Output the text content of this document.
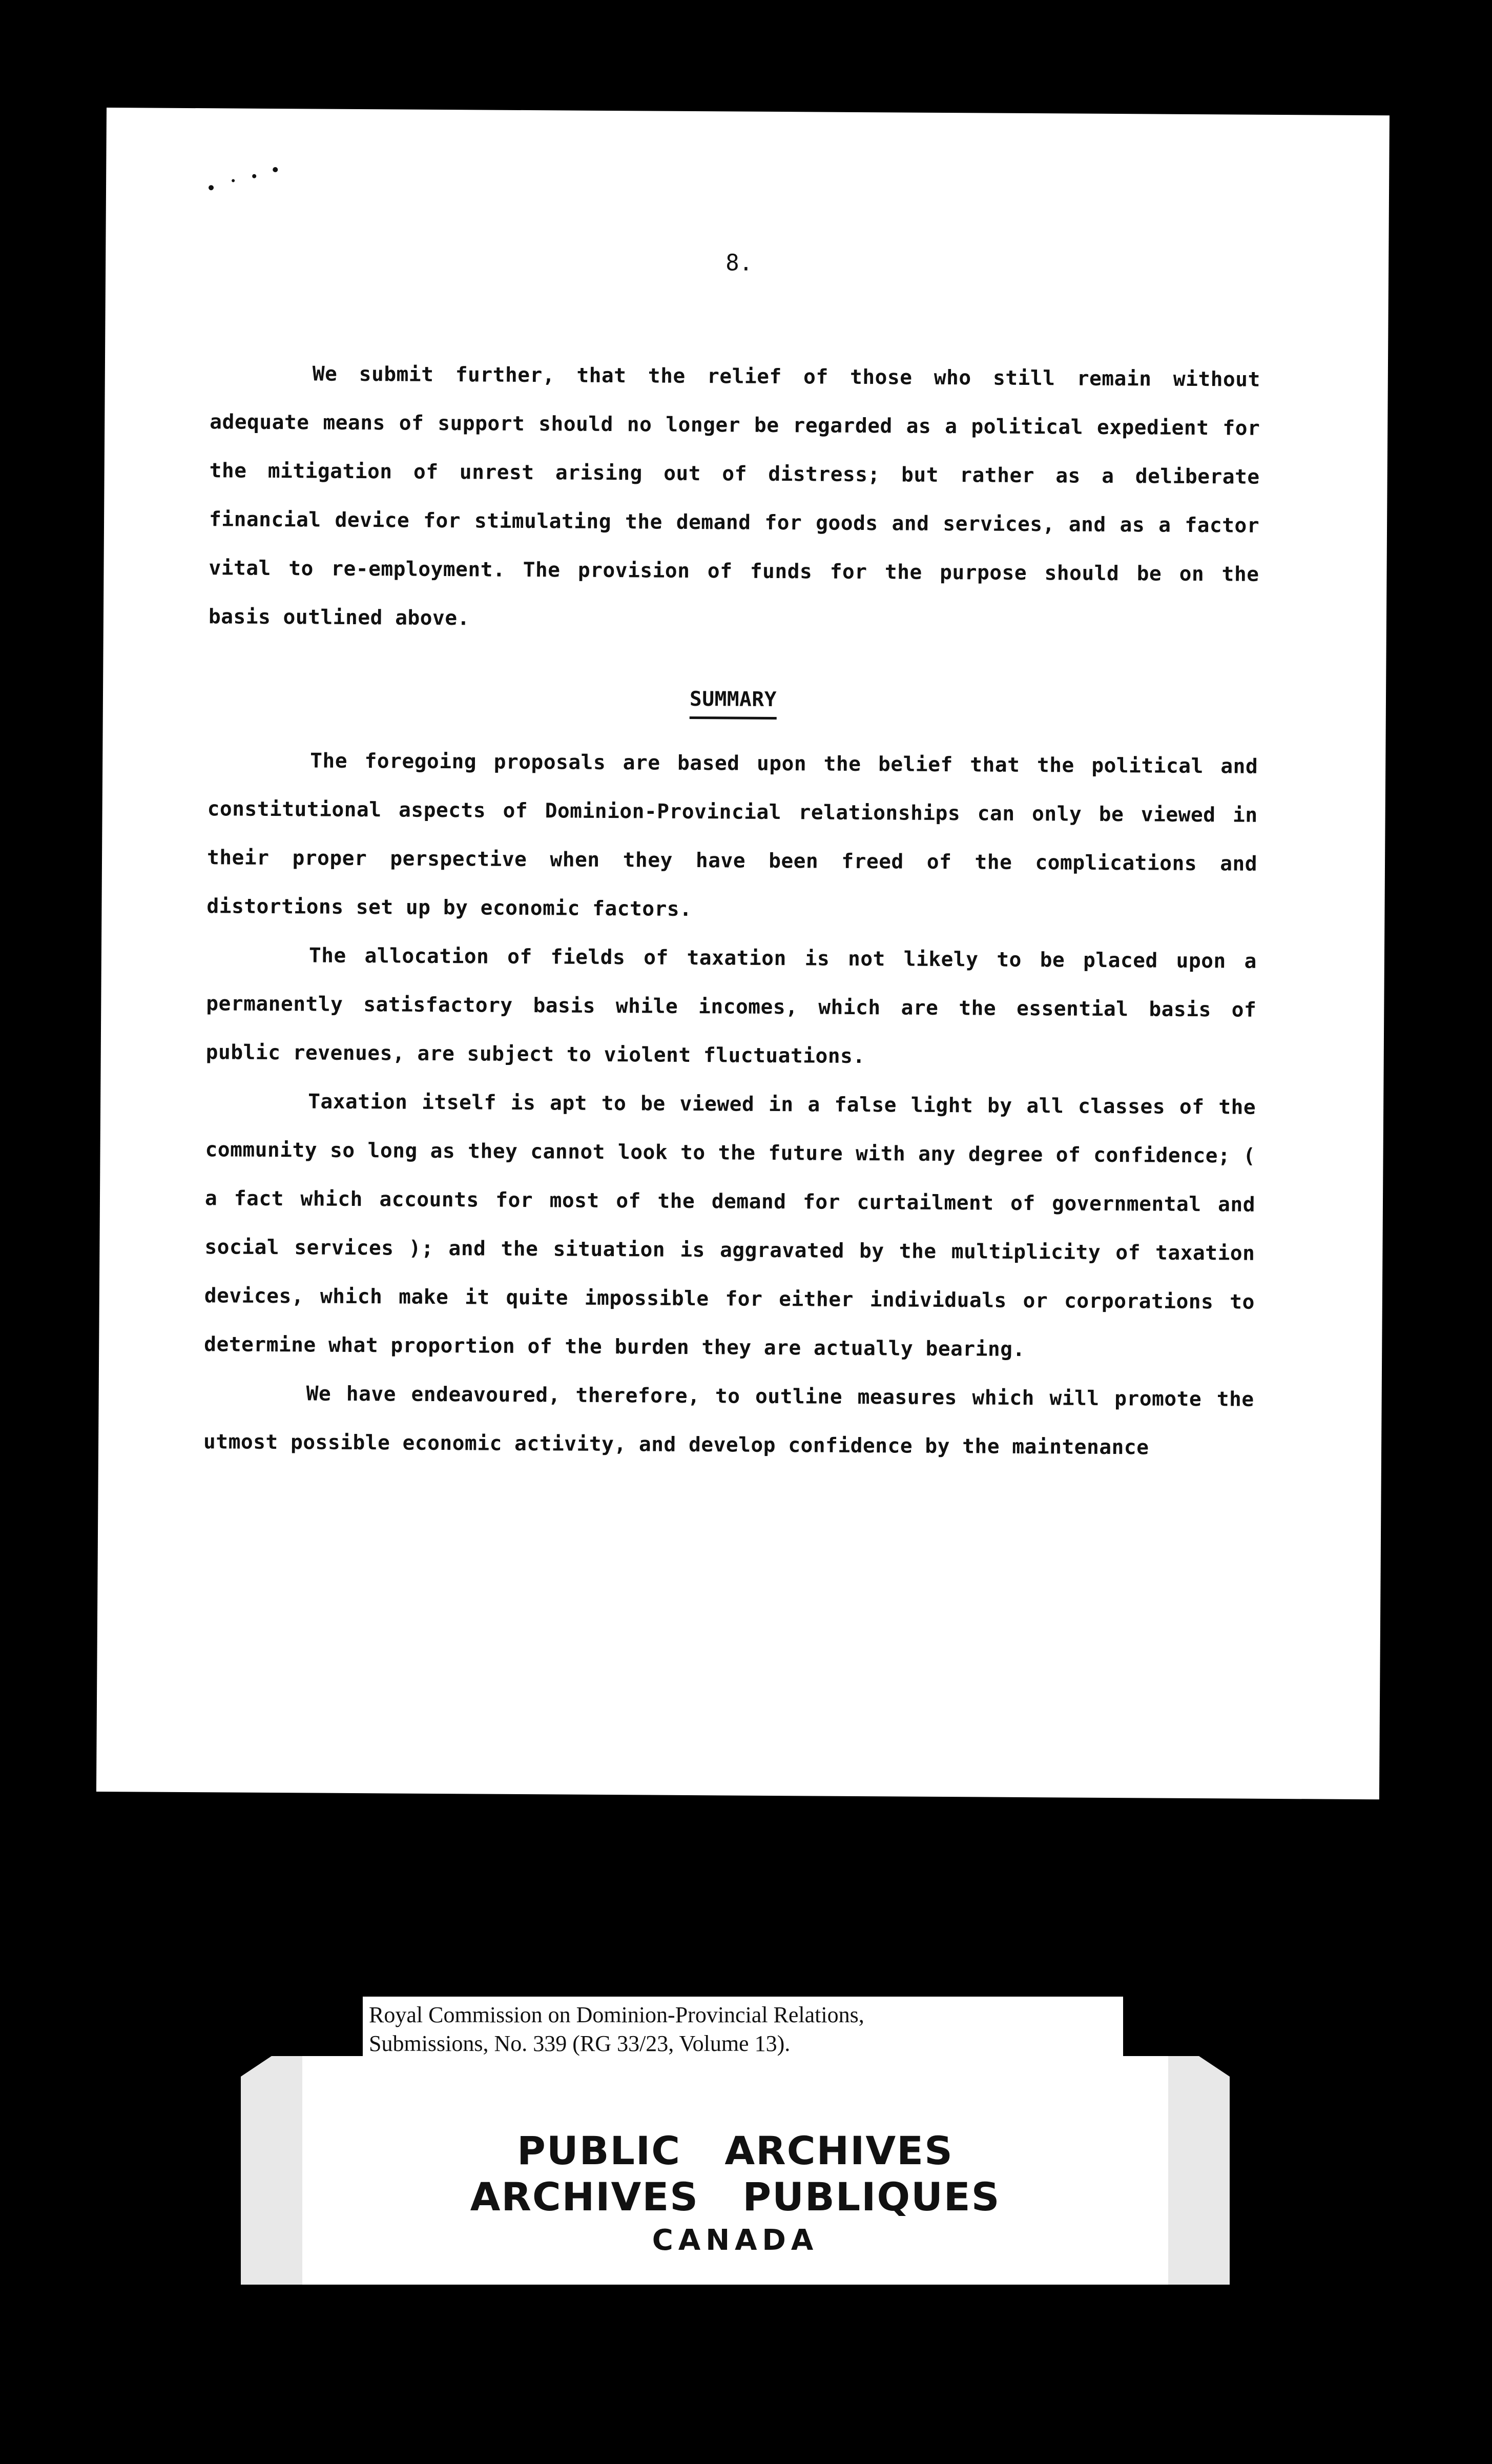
8.

We submit further, that the relief of those who still remain without adequate means of support should no longer be regarded as a political expedient for the mitigation of unrest arising out of distress; but rather as a deliberate financial device for stimulating the demand for goods and services, and as a factor vital to re-employment. The provision of funds for the purpose should be on the basis outlined above.

SUMMARY

The foregoing proposals are based upon the belief that the political and constitutional aspects of Dominion-Provincial relationships can only be viewed in their proper perspective when they have been freed of the complications and distortions set up by economic factors.

The allocation of fields of taxation is not likely to be placed upon a permanently satisfactory basis while incomes, which are the essential basis of public revenues, are subject to violent fluctuations.

Taxation itself is apt to be viewed in a false light by all classes of the community so long as they cannot look to the future with any degree of confidence; ( a fact which accounts for most of the demand for curtailment of governmental and social services ); and the situation is aggravated by the multiplicity of taxation devices, which make it quite impossible for either individuals or corporations to determine what proportion of the burden they are actually bearing.

We have endeavoured, therefore, to outline measures which will promote the utmost possible economic activity, and develop confidence by the maintenance

Royal Commission on Dominion-Provincial Relations,
Submissions, No. 339 (RG 33/23, Volume 13).
PUBLIC   ARCHIVES
ARCHIVES   PUBLIQUES
CANADA
